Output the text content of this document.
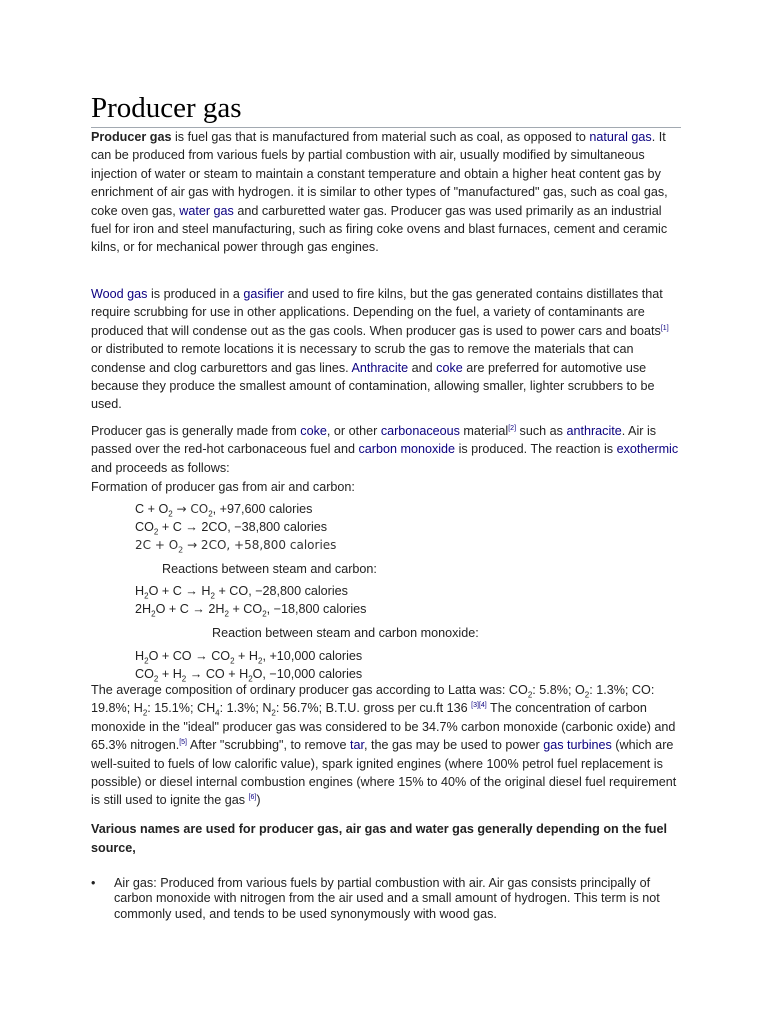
Producer gas

Producer gas is fuel gas that is manufactured from material such as coal, as opposed to natural gas. It can be produced from various fuels by partial combustion with air, usually modified by simultaneous injection of water or steam to maintain a constant temperature and obtain a higher heat content gas by enrichment of air gas with hydrogen. it is similar to other types of "manufactured" gas, such as coal gas, coke oven gas, water gas and carburetted water gas. Producer gas was used primarily as an industrial fuel for iron and steel manufacturing, such as firing coke ovens and blast furnaces, cement and ceramic kilns, or for mechanical power through gas engines.

Wood gas is produced in a gasifier and used to fire kilns, but the gas generated contains distillates that require scrubbing for use in other applications. Depending on the fuel, a variety of contaminants are produced that will condense out as the gas cools. When producer gas is used to power cars and boats[1] or distributed to remote locations it is necessary to scrub the gas to remove the materials that can condense and clog carburettors and gas lines. Anthracite and coke are preferred for automotive use because they produce the smallest amount of contamination, allowing smaller, lighter scrubbers to be used.

Producer gas is generally made from coke, or other carbonaceous material[2] such as anthracite. Air is passed over the red-hot carbonaceous fuel and carbon monoxide is produced. The reaction is exothermic and proceeds as follows:

Formation of producer gas from air and carbon:

$C + O_2 \to CO_2$, +97,600 calories
$CO_2 + C \to 2CO$, −38,800 calories
$2C + O_2 \to 2CO$, +58,800 calories
Reactions between steam and carbon:
$H_2O + C \to H_2$ + CO, −28,800 calories
$2H_2O + C \to 2H_2 + CO_2$, −18,800 calories
Reaction between steam and carbon monoxide:
$H_2O$ + CO → $CO_2 + H_2$, +10,000 calories
$CO_2 + H_2$ → CO + $H_2O$, −10,000 calories

The average composition of ordinary producer gas according to Latta was: $CO_2$: 5.8%; $O_2$: 1.3%; CO: 19.8%; $H_2$: 15.1%; $CH_4$: 1.3%; $N_2$: 56.7%; B.T.U. gross per cu.ft 136 [3][4] The concentration of carbon monoxide in the "ideal" producer gas was considered to be 34.7% carbon monoxide (carbonic oxide) and 65.3% nitrogen.[5] After "scrubbing", to remove tar, the gas may be used to power gas turbines (which are well-suited to fuels of low calorific value), spark ignited engines (where 100% petrol fuel replacement is possible) or diesel internal combustion engines (where 15% to 40% of the original diesel fuel requirement is still used to ignite the gas [6])

Various names are used for producer gas, air gas and water gas generally depending on the fuel source,

• Air gas: Produced from various fuels by partial combustion with air. Air gas consists principally of carbon monoxide with nitrogen from the air used and a small amount of hydrogen. This term is not commonly used, and tends to be used synonymously with wood gas.
